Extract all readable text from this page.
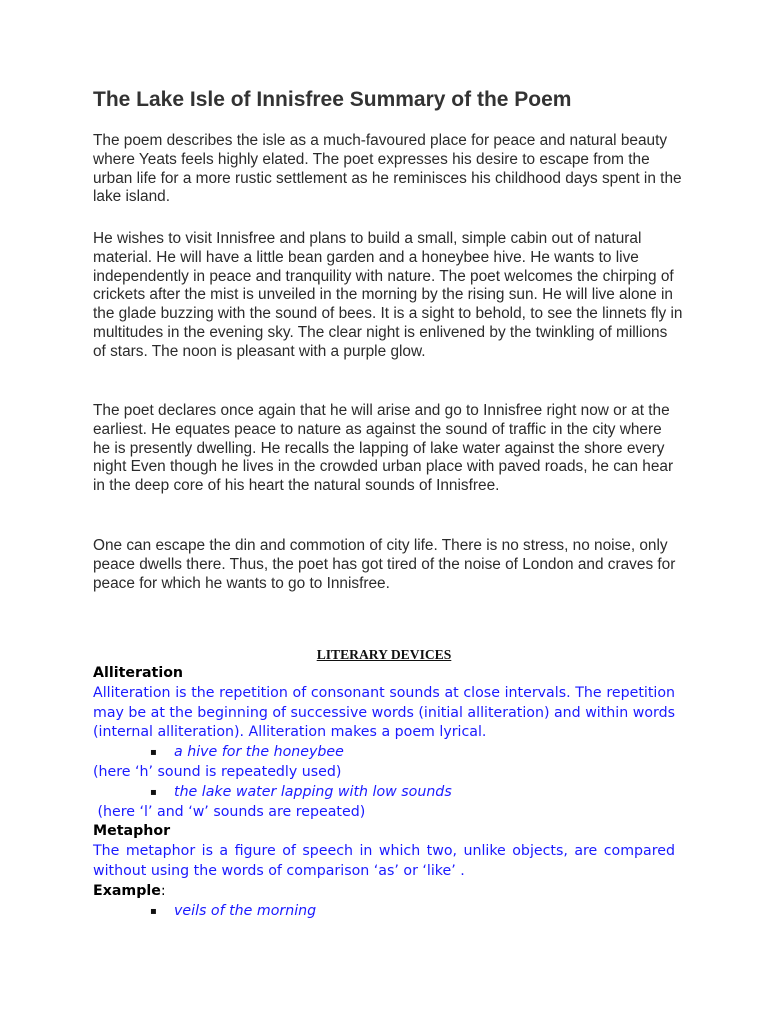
The Lake Isle of Innisfree Summary of the Poem

The poem describes the isle as a much-favoured place for peace and natural beauty where Yeats feels highly elated. The poet expresses his desire to escape from the urban life for a more rustic settlement as he reminisces his childhood days spent in the lake island.

He wishes to visit Innisfree and plans to build a small, simple cabin out of natural material. He will have a little bean garden and a honeybee hive. He wants to live independently in peace and tranquility with nature. The poet welcomes the chirping of crickets after the mist is unveiled in the morning by the rising sun. He will live alone in the glade buzzing with the sound of bees. It is a sight to behold, to see the linnets fly in multitudes in the evening sky. The clear night is enlivened by the twinkling of millions of stars. The noon is pleasant with a purple glow.

The poet declares once again that he will arise and go to Innisfree right now or at the earliest. He equates peace to nature as against the sound of traffic in the city where he is presently dwelling. He recalls the lapping of lake water against the shore every night Even though he lives in the crowded urban place with paved roads, he can hear in the deep core of his heart the natural sounds of Innisfree.

One can escape the din and commotion of city life. There is no stress, no noise, only peace dwells there. Thus, the poet has got tired of the noise of London and craves for peace for which he wants to go to Innisfree.

LITERARY DEVICES

Alliteration

Alliteration is the repetition of consonant sounds at close intervals. The repetition may be at the beginning of successive words (initial alliteration) and within words (internal alliteration). Alliteration makes a poem lyrical.

▪ a hive for the honeybee

(here ‘h’ sound is repeatedly used)

▪ the lake water lapping with low sounds

(here ‘l’ and ‘w’ sounds are repeated)

Metaphor

The metaphor is a figure of speech in which two, unlike objects, are compared without using the words of comparison ‘as’ or ‘like’ .

Example:

▪ veils of the morning
